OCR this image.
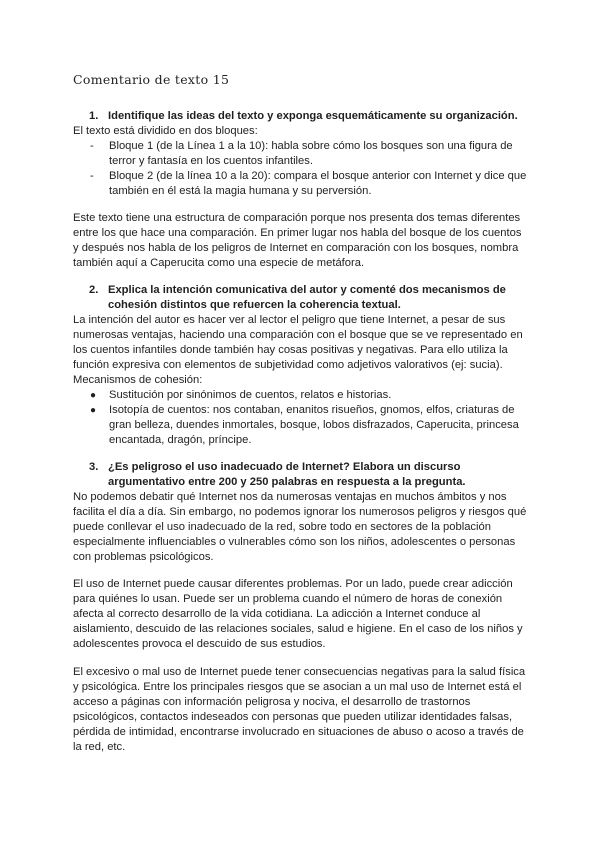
Comentario de texto 15
1. Identifique las ideas del texto y exponga esquemáticamente su organización.

El texto está dividido en dos bloques:

- Bloque 1 (de la Línea 1 a la 10): habla sobre cómo los bosques son una figura de terror y fantasía en los cuentos infantiles.
- Bloque 2 (de la línea 10 a la 20): compara el bosque anterior con Internet y dice que también en él está la magia humana y su perversión.

Este texto tiene una estructura de comparación porque nos presenta dos temas diferentes entre los que hace una comparación. En primer lugar nos habla del bosque de los cuentos y después nos habla de los peligros de Internet en comparación con los bosques, nombra también aquí a Caperucita como una especie de metáfora.

2. Explica la intención comunicativa del autor y comenté dos mecanismos de cohesión distintos que refuercen la coherencia textual.

La intención del autor es hacer ver al lector el peligro que tiene Internet, a pesar de sus numerosas ventajas, haciendo una comparación con el bosque que se ve representado en los cuentos infantiles donde también hay cosas positivas y negativas. Para ello utiliza la función expresiva con elementos de subjetividad como adjetivos valorativos (ej: sucia).

Mecanismos de cohesión:

● Sustitución por sinónimos de cuentos, relatos e historias.
● Isotopía de cuentos: nos contaban, enanitos risueños, gnomos, elfos, criaturas de gran belleza, duendes inmortales, bosque, lobos disfrazados, Caperucita, princesa encantada, dragón, príncipe.
3. ¿Es peligroso el uso inadecuado de Internet? Elabora un discurso argumentativo entre 200 y 250 palabras en respuesta a la pregunta.

No podemos debatir qué Internet nos da numerosas ventajas en muchos ámbitos y nos facilita el día a día. Sin embargo, no podemos ignorar los numerosos peligros y riesgos qué puede conllevar el uso inadecuado de la red, sobre todo en sectores de la población especialmente influenciables o vulnerables cómo son los niños, adolescentes o personas con problemas psicológicos.

El uso de Internet puede causar diferentes problemas. Por un lado, puede crear adicción para quiénes lo usan. Puede ser un problema cuando el número de horas de conexión afecta al correcto desarrollo de la vida cotidiana. La adicción a Internet conduce al aislamiento, descuido de las relaciones sociales, salud e higiene. En el caso de los niños y adolescentes provoca el descuido de sus estudios.

El excesivo o mal uso de Internet puede tener consecuencias negativas para la salud física y psicológica. Entre los principales riesgos que se asocian a un mal uso de Internet está el acceso a páginas con información peligrosa y nociva, el desarrollo de trastornos psicológicos, contactos indeseados con personas que pueden utilizar identidades falsas, pérdida de intimidad, encontrarse involucrado en situaciones de abuso o acoso a través de la red, etc.
